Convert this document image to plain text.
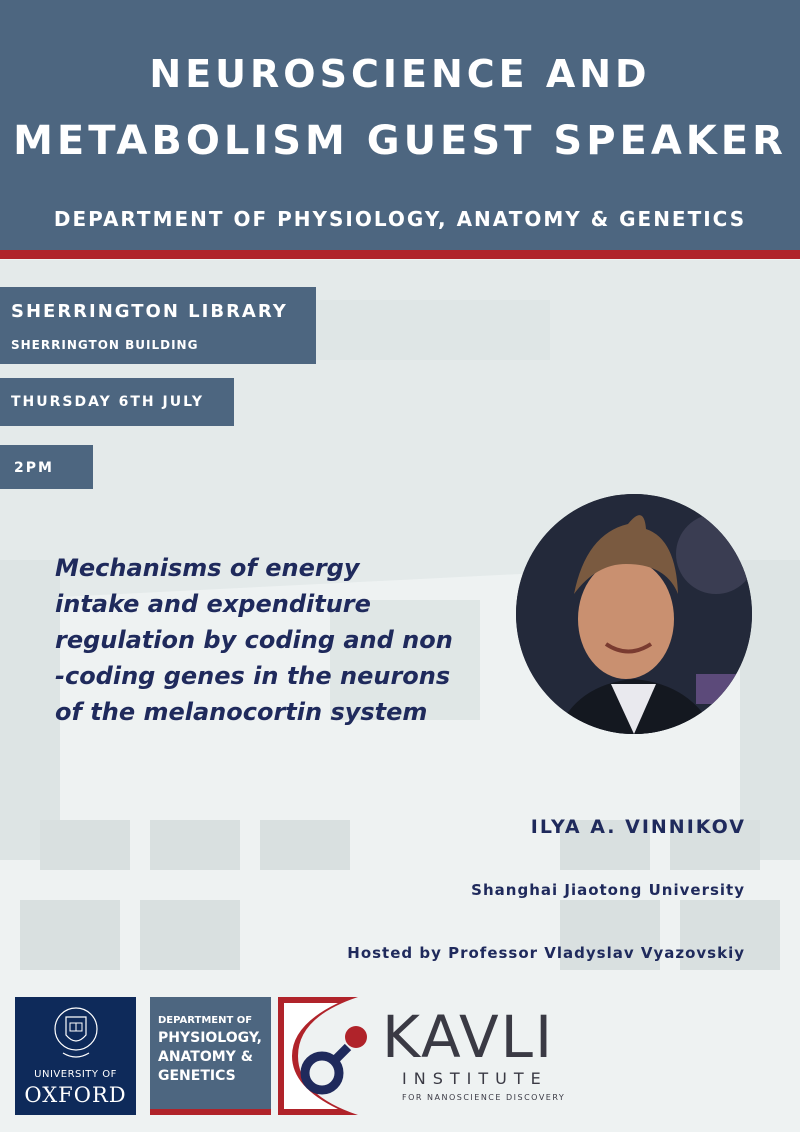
NEUROSCIENCE AND
METABOLISM GUEST SPEAKER
DEPARTMENT OF PHYSIOLOGY, ANATOMY & GENETICS
SHERRINGTON LIBRARY
SHERRINGTON BUILDING
THURSDAY 6TH JULY
2PM
Mechanisms of energy
intake and expenditure
regulation by coding and non
-coding genes in the neurons
of the melanocortin system
ILYA A. VINNIKOV
Shanghai Jiaotong University
Hosted by Professor Vladyslav Vyazovskiy
UNIVERSITY OF
OXFORD
DEPARTMENT OF
PHYSIOLOGY,
ANATOMY &
GENETICS
KAVLI
INSTITUTE
FOR NANOSCIENCE DISCOVERY
